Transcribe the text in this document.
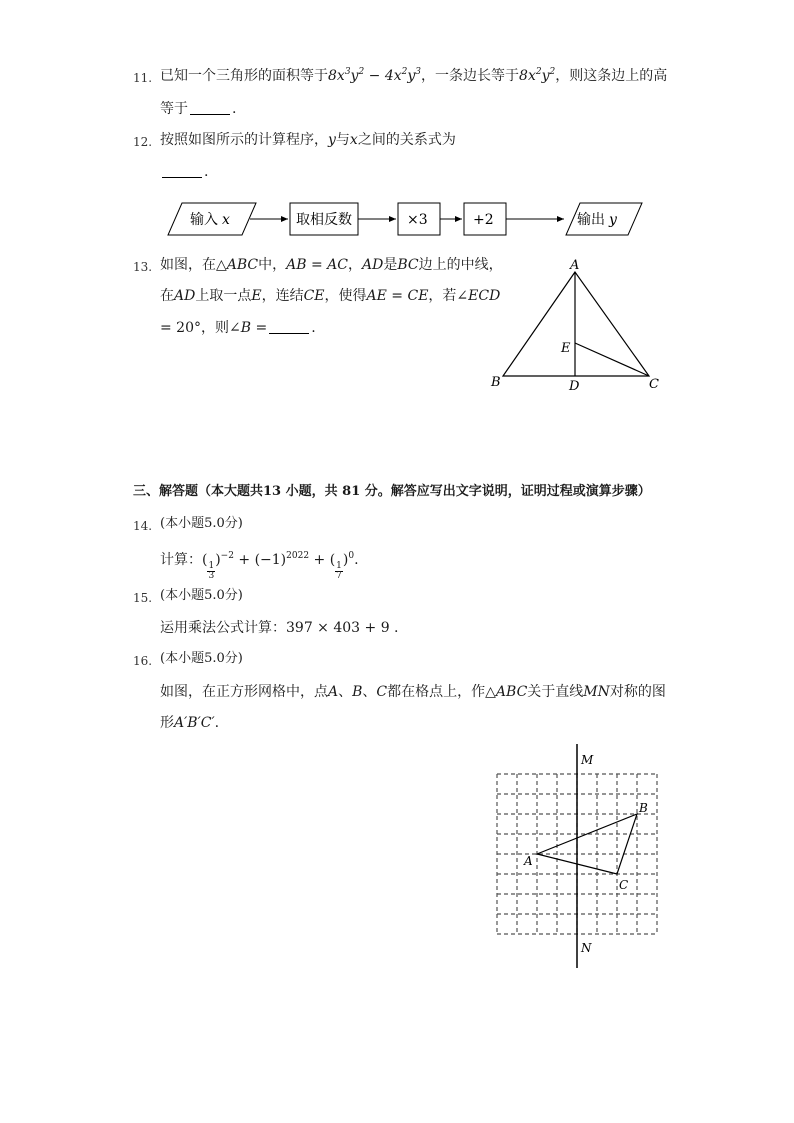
11. 已知一个三角形的面积等于$8x^3y^2 - 4x^2y^3$，一条边长等于$8x^2y^2$，则这条边上的高
等于	.
12. 按照如图所示的计算程序，y与x之间的关系式为
.
输入 x	取相反数	×3	+2	输出 y
13. 如图，在△ABC中，AB = AC，AD是BC边上的中线，
在AD上取一点E，连结CE，使得AE = CE，若∠ECD
= 20°，则∠B =	.
A
B	C
D
E
三、解答题（本大题共13 小题，共 81 分。解答应写出文字说明，证明过程或演算步骤）
14. (本小题5.0分)
计算：(
$\frac{1}{3}$
)$^{-2} + (-1)^{2022}$ + (
$\frac{1}{7}$
)$^0$.
15. (本小题5.0分)
运用乘法公式计算：397 × 403 + 9 .
16. (本小题5.0分)
如图，在正方形网格中，点A、B、C都在格点上，作△ABC关于直线MN对称的图
形A′B′C′.
M
N
A
B
C
